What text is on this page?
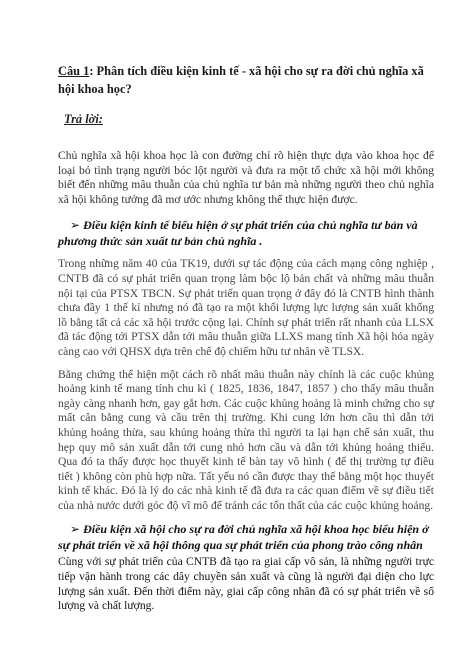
Câu 1: Phân tích điều kiện kinh tế - xã hội cho sự ra đời chủ nghĩa xã hội khoa học?
Trả lời:

Chủ nghĩa xã hội khoa học là con đường chỉ rõ hiện thực dựa vào khoa học để loại bỏ tình trạng người bóc lột người và đưa ra một tổ chức xã hội mới không biết đến những mâu thuẫn của chủ nghĩa tư bản mà những người theo chủ nghĩa xã hội không tưởng đã mơ ước nhưng không thể thực hiện được.

➢ Điều kiện kinh tế biểu hiện ở sự phát triển của chủ nghĩa tư bản và phương thức sản xuất tư bản chủ nghĩa .

Trong những năm 40 của TK19, dưới sự tác động của cách mạng công nghiệp , CNTB đã có sự phát triển quan trọng làm bộc lộ bản chất và những mâu thuẫn nội tại của PTSX TBCN. Sự phát triển quan trọng ở đây đó là CNTB hình thành chưa đầy 1 thế kỉ nhưng nó đã tạo ra một khối lượng lực lượng sản xuất khổng lồ bằng tất cả các xã hội trước cộng lại. Chính sự phát triển rất nhanh của LLSX đã tác động tới PTSX dẫn tới mâu thuẫn giữa LLXS mang tính Xã hội hóa ngày càng cao với QHSX dựa trên chế độ chiếm hữu tư nhân về TLSX.

Bằng chứng thể hiện một cách rõ nhất mâu thuẫn này chính là các cuộc khủng hoảng kinh tế mang tính chu kì ( 1825, 1836, 1847, 1857 ) cho thấy mâu thuẫn ngày càng nhanh hơn, gay gắt hơn. Các cuộc khủng hoảng là minh chứng cho sự mất cân bằng cung và cầu trên thị trường. Khi cung lớn hơn cầu thì dẫn tới khủng hoảng thừa, sau khủng hoảng thừa thì người ta lại hạn chế sản xuất, thu hẹp quy mô sản xuất dẫn tới cung nhỏ hơn cầu và dẫn tới khủng hoảng thiếu. Qua đó ta thấy được học thuyết kinh tế bàn tay vô hình ( để thị trường tự điều tiết ) không còn phù hợp nữa. Tất yếu nó cần được thay thế bằng một học thuyết kinh tế khác. Đó là lý do các nhà kinh tế đã đưa ra các quan điểm về sự điều tiết của nhà nước dưới góc độ vĩ mô để tránh các tổn thất của các cuộc khủng hoảng.

➢ Điều kiện xã hội cho sự ra đời chủ nghĩa xã hội khoa học biểu hiện ở sự phát triển về xã hội thông qua sự phát triển của phong trào công nhân

Cùng với sự phát triển của CNTB đã tạo ra giai cấp vô sản, là những người trực tiếp vận hành trong các dây chuyền sản xuất và cũng là người đại diện cho lực lượng sản xuất. Đến thời điểm này, giai cấp công nhân đã có sự phát triển về số lượng và chất lượng.
